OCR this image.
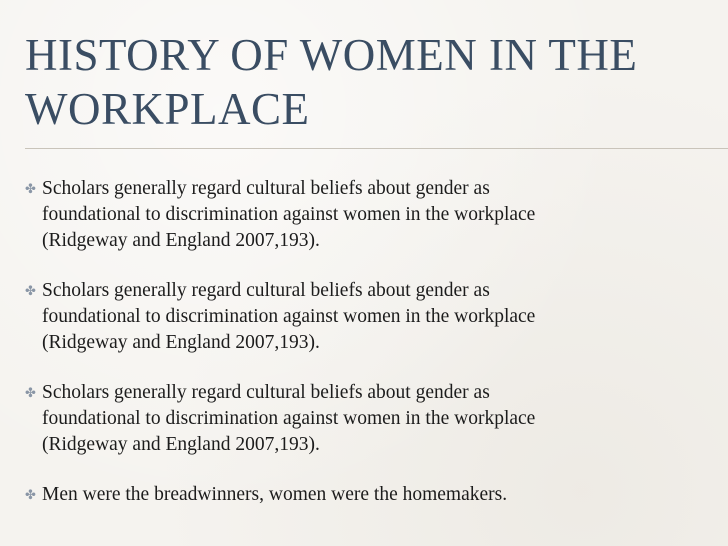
HISTORY OF WOMEN IN THE WORKPLACE
✤ Scholars generally regard cultural beliefs about gender as
foundational to discrimination against women in the workplace
(Ridgeway and England 2007,193).
✤ Scholars generally regard cultural beliefs about gender as
foundational to discrimination against women in the workplace
(Ridgeway and England 2007,193).
✤ Scholars generally regard cultural beliefs about gender as
foundational to discrimination against women in the workplace
(Ridgeway and England 2007,193).
✤ Men were the breadwinners, women were the homemakers.
